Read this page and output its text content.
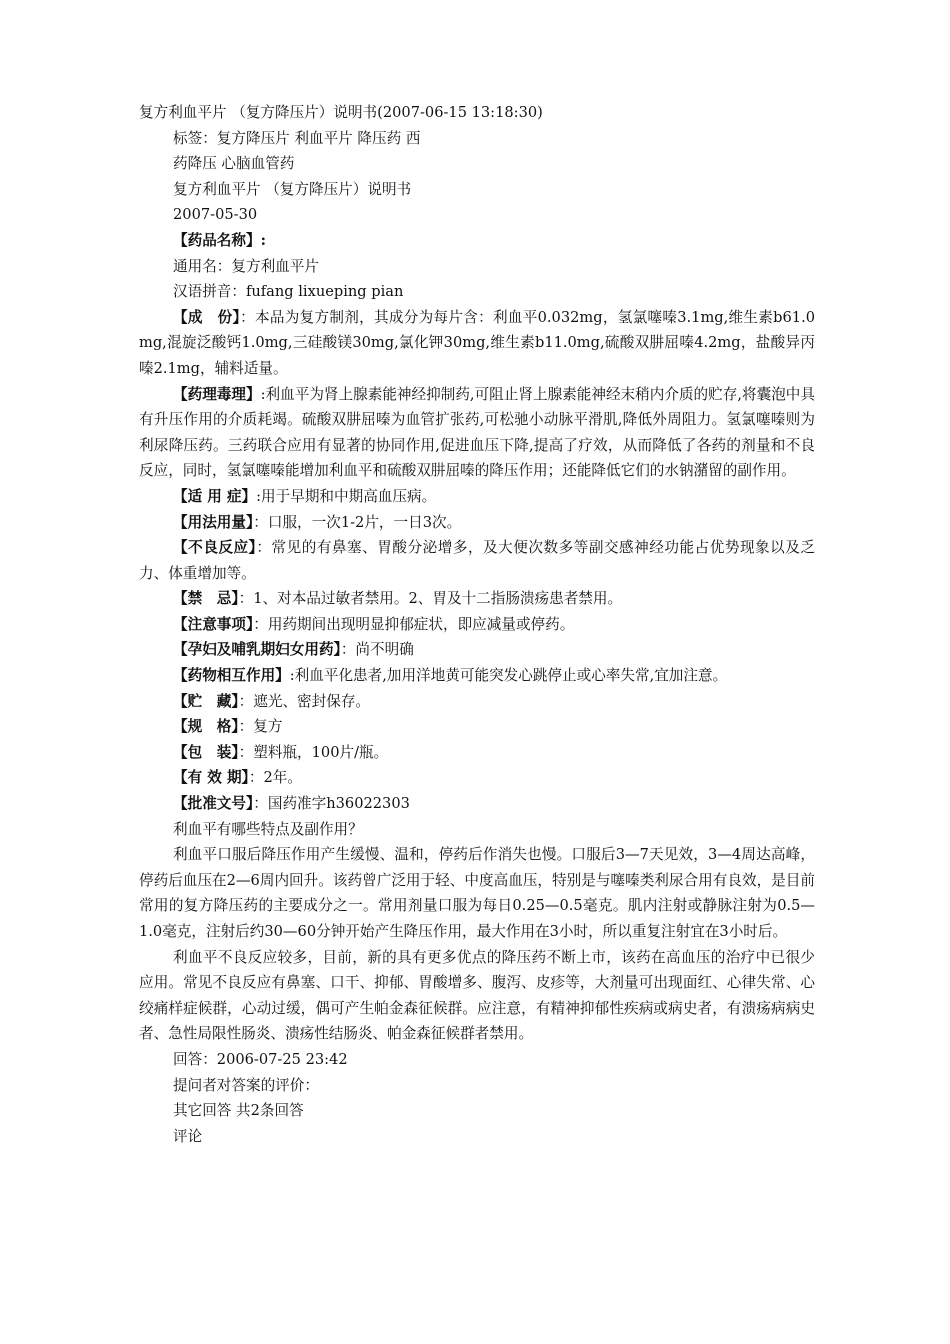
复方利血平片 （复方降压片）说明书(2007-06-15 13:18:30)

标签：复方降压片 利血平片 降压药 西

药降压 心脑血管药

复方利血平片 （复方降压片）说明书

2007-05-30

【药品名称】:

通用名：复方利血平片

汉语拼音：fufang lixueping pian

【成　份】：本品为复方制剂，其成分为每片含：利血平0.032mg，氢氯噻嗪3.1mg,维生素b61.0mg,混旋泛酸钙1.0mg,三硅酸镁30mg,氯化钾30mg,维生素b11.0mg,硫酸双肼屈嗪4.2mg，盐酸异丙嗪2.1mg，辅料适量。

【药理毒理】:利血平为肾上腺素能神经抑制药,可阻止肾上腺素能神经末稍内介质的贮存,将囊泡中具有升压作用的介质耗竭。硫酸双肼屈嗪为血管扩张药,可松驰小动脉平滑肌,降低外周阻力。氢氯噻嗪则为利尿降压药。三药联合应用有显著的协同作用,促进血压下降,提高了疗效，从而降低了各药的剂量和不良反应，同时，氢氯噻嗪能增加利血平和硫酸双肼屈嗪的降压作用；还能降低它们的水钠潴留的副作用。

【适 用 症】:用于早期和中期高血压病。

【用法用量】：口服，一次1-2片，一日3次。

【不良反应】：常见的有鼻塞、胃酸分泌增多，及大便次数多等副交感神经功能占优势现象以及乏力、体重增加等。

【禁　忌】：1、对本品过敏者禁用。2、胃及十二指肠溃疡患者禁用。

【注意事项】：用药期间出现明显抑郁症状，即应减量或停药。

【孕妇及哺乳期妇女用药】：尚不明确

【药物相互作用】:利血平化患者,加用洋地黄可能突发心跳停止或心率失常,宜加注意。

【贮　藏】：遮光、密封保存。

【规　格】：复方

【包　装】：塑料瓶，100片/瓶。

【有 效 期】：2年。

【批准文号】：国药准字h36022303

利血平有哪些特点及副作用？

利血平口服后降压作用产生缓慢、温和，停药后作消失也慢。口服后3—7天见效，3—4周达高峰，停药后血压在2—6周内回升。该药曾广泛用于轻、中度高血压，特别是与噻嗪类利尿合用有良效，是目前常用的复方降压药的主要成分之一。常用剂量口服为每日0.25—0.5毫克。肌内注射或静脉注射为0.5—1.0毫克，注射后约30—60分钟开始产生降压作用，最大作用在3小时，所以重复注射宜在3小时后。

利血平不良反应较多，目前，新的具有更多优点的降压药不断上市，该药在高血压的治疗中已很少应用。常见不良反应有鼻塞、口干、抑郁、胃酸增多、腹泻、皮疹等，大剂量可出现面红、心律失常、心绞痛样症候群，心动过缓，偶可产生帕金森征候群。应注意，有精神抑郁性疾病或病史者，有溃疡病病史者、急性局限性肠炎、溃疡性结肠炎、帕金森征候群者禁用。

回答：2006-07-25 23:42

提问者对答案的评价：

其它回答 共2条回答

评论
